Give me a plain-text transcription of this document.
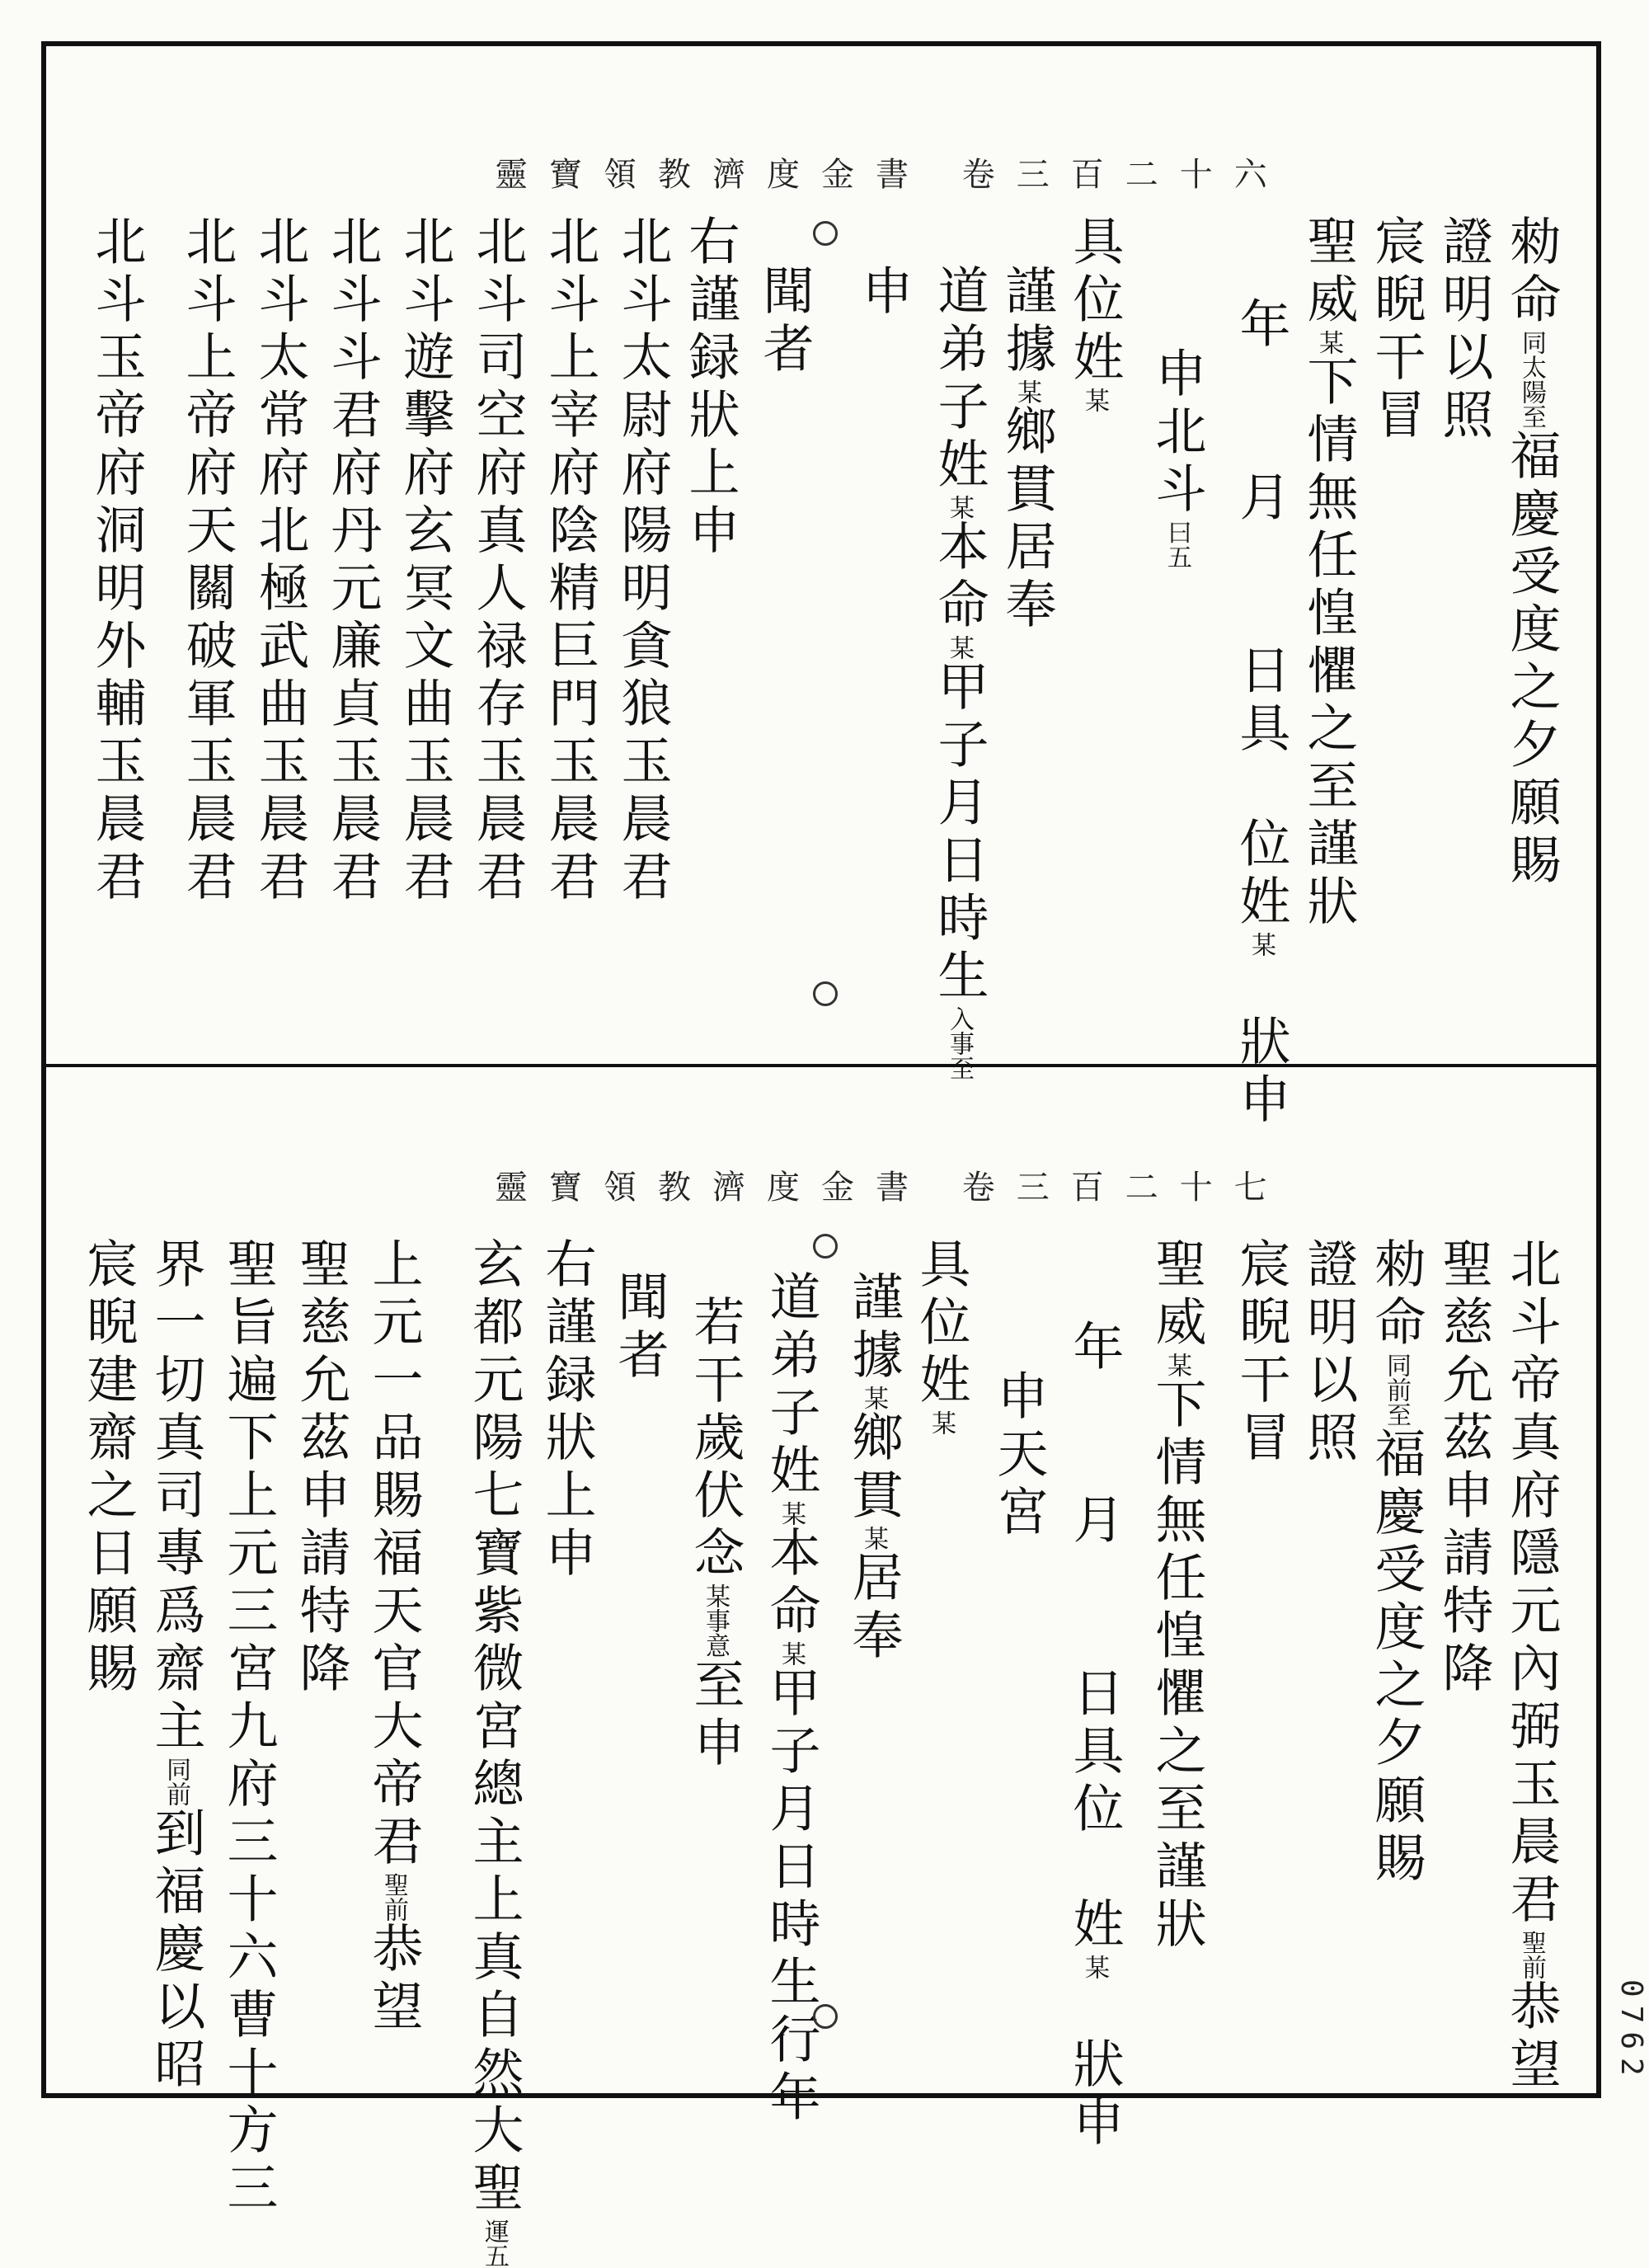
靈寶領教濟度金書 卷三百二十六
勑命同太陽至福慶受度之夕願賜
證明以照
宸睨干冒
聖威某下情無任惶懼之至謹狀
年　　月　　日具　位姓某　狀申
申北斗曰五
具位姓某
謹據某鄉貫居奉
道弟子姓某本命某甲子月日時生入事至
申
聞者
右謹録狀上申
北斗太尉府陽明貪狼玉晨君
北斗上宰府陰精巨門玉晨君
北斗司空府真人禄存玉晨君
北斗遊擊府玄冥文曲玉晨君
北斗斗君府丹元廉貞玉晨君
北斗太常府北極武曲玉晨君
北斗上帝府天關破軍玉晨君
北斗玉帝府洞明外輔玉晨君
靈寶領教濟度金書 卷三百二十七
北斗帝真府隱元內弼玉晨君聖前恭望
聖慈允茲申請特降
勑命同前至福慶受度之夕願賜
證明以照
宸睨干冒
聖威某下情無任惶懼之至謹狀
年　　月　　日具位　姓某　狀申
申天宮
具位姓某
謹據某鄉貫某居奉
道弟子姓某本命某甲子月日時生行年
若干歲伏念某事意至申
聞者
右謹録狀上申
玄都元陽七寶紫微宮總主上真自然大聖運五
上元一品賜福天官大帝君聖前恭望
聖慈允茲申請特降
聖旨遍下上元三宮九府三十六曹十方三
界一切真司專爲齋主同前到福慶以昭
宸睨建齋之日願賜
0762
